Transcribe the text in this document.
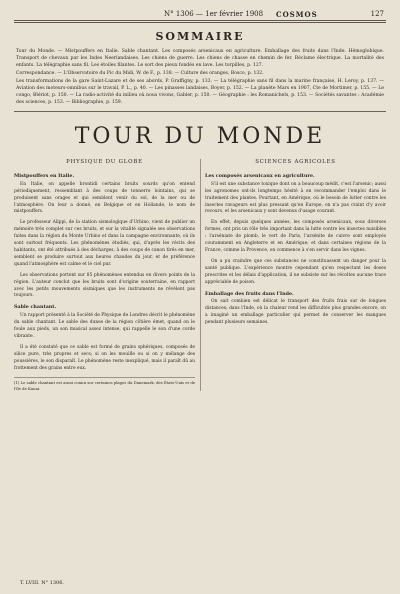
N° 1306 — 1er février 1908 COSMOS	127
SOMMAIRE

Tour du Monde. — Mistpouffers en Italie. Sable chantant. Les composés arsenicaux en agriculture. Emballage des fruits dans l'Inde. Hémoglobique. Transport de chevaux par les Indes Neerlandaises. Les chiens de guerre. Les chiens de chasse en chemin de fer. Réclame électrique. La mortalité des enfants. La télégraphie sans fil. Les étoiles filantes. Le sort des pieux fondés en lave. Les torpilles, p. 127.

Correspondance. — L'Observatoire du Pic du Midi, W. de F., p. 138. — Culture des oranges, Bosco, p. 132.

Les transformations de la gare Saint-Lazare et de ses abords, P. Graffigny, p. 133. — La télégraphie sans fil dans la marine française, H. Leroy, p. 137. — Aviation des moteurs-omnibus sur le travail, P. L., p. 40. — Les pinasses landaises, Boyer, p. 152. — La planète Mars en 1907, Cte de Mortimer, p. 155. — Le congo, Blériot, p. 150. — La radio-activité du milieu où nous vivons, Gabler, p. 150. — Géographie : les Romanichels, p. 153. — Sociétés savantes : Académie des sciences, p. 153. — Bibliographie, p. 159.

TOUR DU MONDE
PHYSIQUE DU GLOBE
Mistpouffers en Italie.

En Italie, on appelle brontidi certains bruits sourds qu'on entend périodiquement, ressemblant à des coups de tonnerre lointains, qui se produisent sans orages et qui semblent venir du sol, de la mer ou de l'atmosphère. On leur a donné, en Belgique et en Hollande, le nom de mistpouffers.

Le professeur Alippi, de la station sismologique d'Urbino, vient de publier un mémoire très complet sur ces bruits, et sur la vitalité signalée ses observations faites dans la région du Monte Urbino et dans la campagne environnante, où ils sont surtout fréquents. Les phénomènes étudiés, qui, d'après les récits des habitants, ont été attribués à des décharges, à des coups de canon tirés en mer, semblent se produire surtout aux heures chaudes du jour, et de préférence quand l'atmosphère est calme et le ciel pur.

Les observations portent sur 85 phénomènes entendus en divers points de la région. L'auteur conclut que les bruits sont d'origine souterraine, en rapport avec les petits mouvements sismiques que les instruments ne révèlent pas toujours.

Sable chantant.

Un rapport présenté à la Société de Physique de Londres décrit le phénomène du sable chantant. Le sable des dunes de la région côtière émet, quand on le foule aux pieds, un son musical assez intense, qui rappelle le son d'une corde vibrante.

Il a été constaté que ce sable est formé de grains sphériques, composés de silice pure, très propres et secs; si on les mouille ou si on y mélange des poussières, le son disparaît. Le phénomène reste inexpliqué, mais il paraît dû au frottement des grains entre eux.

(1) Le sable chantant est aussi connu sur certaines plages du Danemark, des États-Unis et de l'île de Kauai.
SCIENCES AGRICOLES
Les composés arsenicaux en agriculture.

S'il est une substance toxique dont on a beaucoup médit, c'est l'arsenic; aussi les agronomes ont-ils longtemps hésité à en recommander l'emploi dans le traitement des plantes. Pourtant, en Amérique, où le besoin de lutter contre les insectes ravageurs est plus pressant qu'en Europe, on n'a pas craint d'y avoir recours, et les arsenicaux y sont devenus d'usage courant.

En effet, depuis quelques années, les composés arsenicaux, sous diverses formes, ont pris un rôle très important dans la lutte contre les insectes nuisibles : l'arséniate de plomb, le vert de Paris, l'arsénite de cuivre sont employés couramment en Angleterre et en Amérique; et dans certaines régions de la France, comme la Provence, on commence à s'en servir dans les vignes.

On a pu craindre que ces substances ne constituassent un danger pour la santé publique. L'expérience montre cependant qu'en respectant les doses prescrites et les délais d'application, il ne subsiste sur les récoltes aucune trace appréciable de poison.

Emballage des fruits dans l'Inde.

On sait combien est délicat le transport des fruits frais sur de longues distances; dans l'Inde, où la chaleur rend les difficultés plus grandes encore, on a imaginé un emballage particulier qui permet de conserver les mangues pendant plusieurs semaines.

T. LVIII. N° 1306.
